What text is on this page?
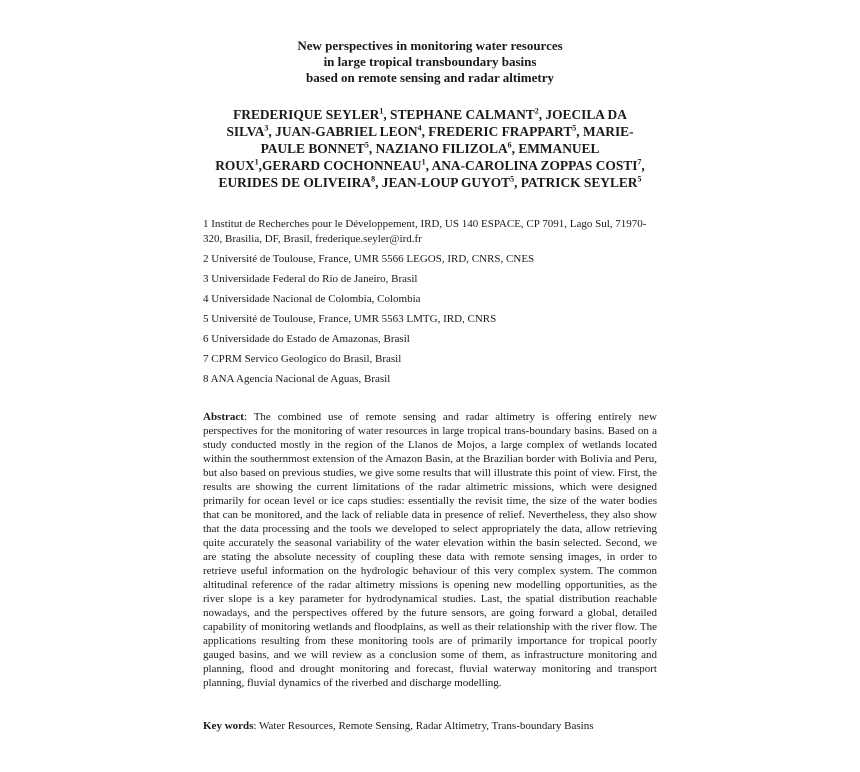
New perspectives in monitoring water resources
in large tropical transboundary basins
based on remote sensing and radar altimetry
FREDERIQUE SEYLER$^1$, STEPHANE CALMANT$^2$, JOECILA DA
SILVA$^3$, JUAN-GABRIEL LEON$^4$, FREDERIC FRAPPART$^5$, MARIE-
PAULE BONNET$^5$, NAZIANO FILIZOLA$^6$, EMMANUEL
ROUX$^1$,GERARD COCHONNEAU$^1$, ANA-CAROLINA ZOPPAS COSTI$^7$,
EURIDES DE OLIVEIRA$^8$, JEAN-LOUP GUYOT$^5$, PATRICK SEYLER$^5$
1 Institut de Recherches pour le Développement, IRD, US 140 ESPACE, CP 7091, Lago Sul, 71970-320, Brasilia, DF, Brasil, frederique.seyler@ird.fr
2 Université de Toulouse, France, UMR 5566 LEGOS, IRD, CNRS, CNES
3 Universidade Federal do Rio de Janeiro, Brasil
4 Universidade Nacional de Colombia, Colombia
5 Université de Toulouse, France, UMR 5563 LMTG, IRD, CNRS
6 Universidade do Estado de Amazonas, Brasil
7 CPRM Servico Geologico do Brasil, Brasil
8 ANA Agencia Nacional de Aguas, Brasil
Abstract: The combined use of remote sensing and radar altimetry is offering entirely new perspectives for the monitoring of water resources in large tropical trans-boundary basins. Based on a study conducted mostly in the region of the Llanos de Mojos, a large complex of wetlands located within the southernmost extension of the Amazon Basin, at the Brazilian border with Bolivia and Peru, but also based on previous studies, we give some results that will illustrate this point of view. First, the results are showing the current limitations of the radar altimetric missions, which were designed primarily for ocean level or ice caps studies: essentially the revisit time, the size of the water bodies that can be monitored, and the lack of reliable data in presence of relief. Nevertheless, they also show that the data processing and the tools we developed to select appropriately the data, allow retrieving quite accurately the seasonal variability of the water elevation within the basin selected. Second, we are stating the absolute necessity of coupling these data with remote sensing images, in order to retrieve useful information on the hydrologic behaviour of this very complex system. The common altitudinal reference of the radar altimetry missions is opening new modelling opportunities, as the river slope is a key parameter for hydrodynamical studies. Last, the spatial distribution reachable nowadays, and the perspectives offered by the future sensors, are going forward a global, detailed capability of monitoring wetlands and floodplains, as well as their relationship with the river flow. The applications resulting from these monitoring tools are of primarily importance for tropical poorly gauged basins, and we will review as a conclusion some of them, as infrastructure monitoring and planning, flood and drought monitoring and forecast, fluvial waterway monitoring and transport planning, fluvial dynamics of the riverbed and discharge modelling.
Key words: Water Resources, Remote Sensing, Radar Altimetry, Trans-boundary Basins
